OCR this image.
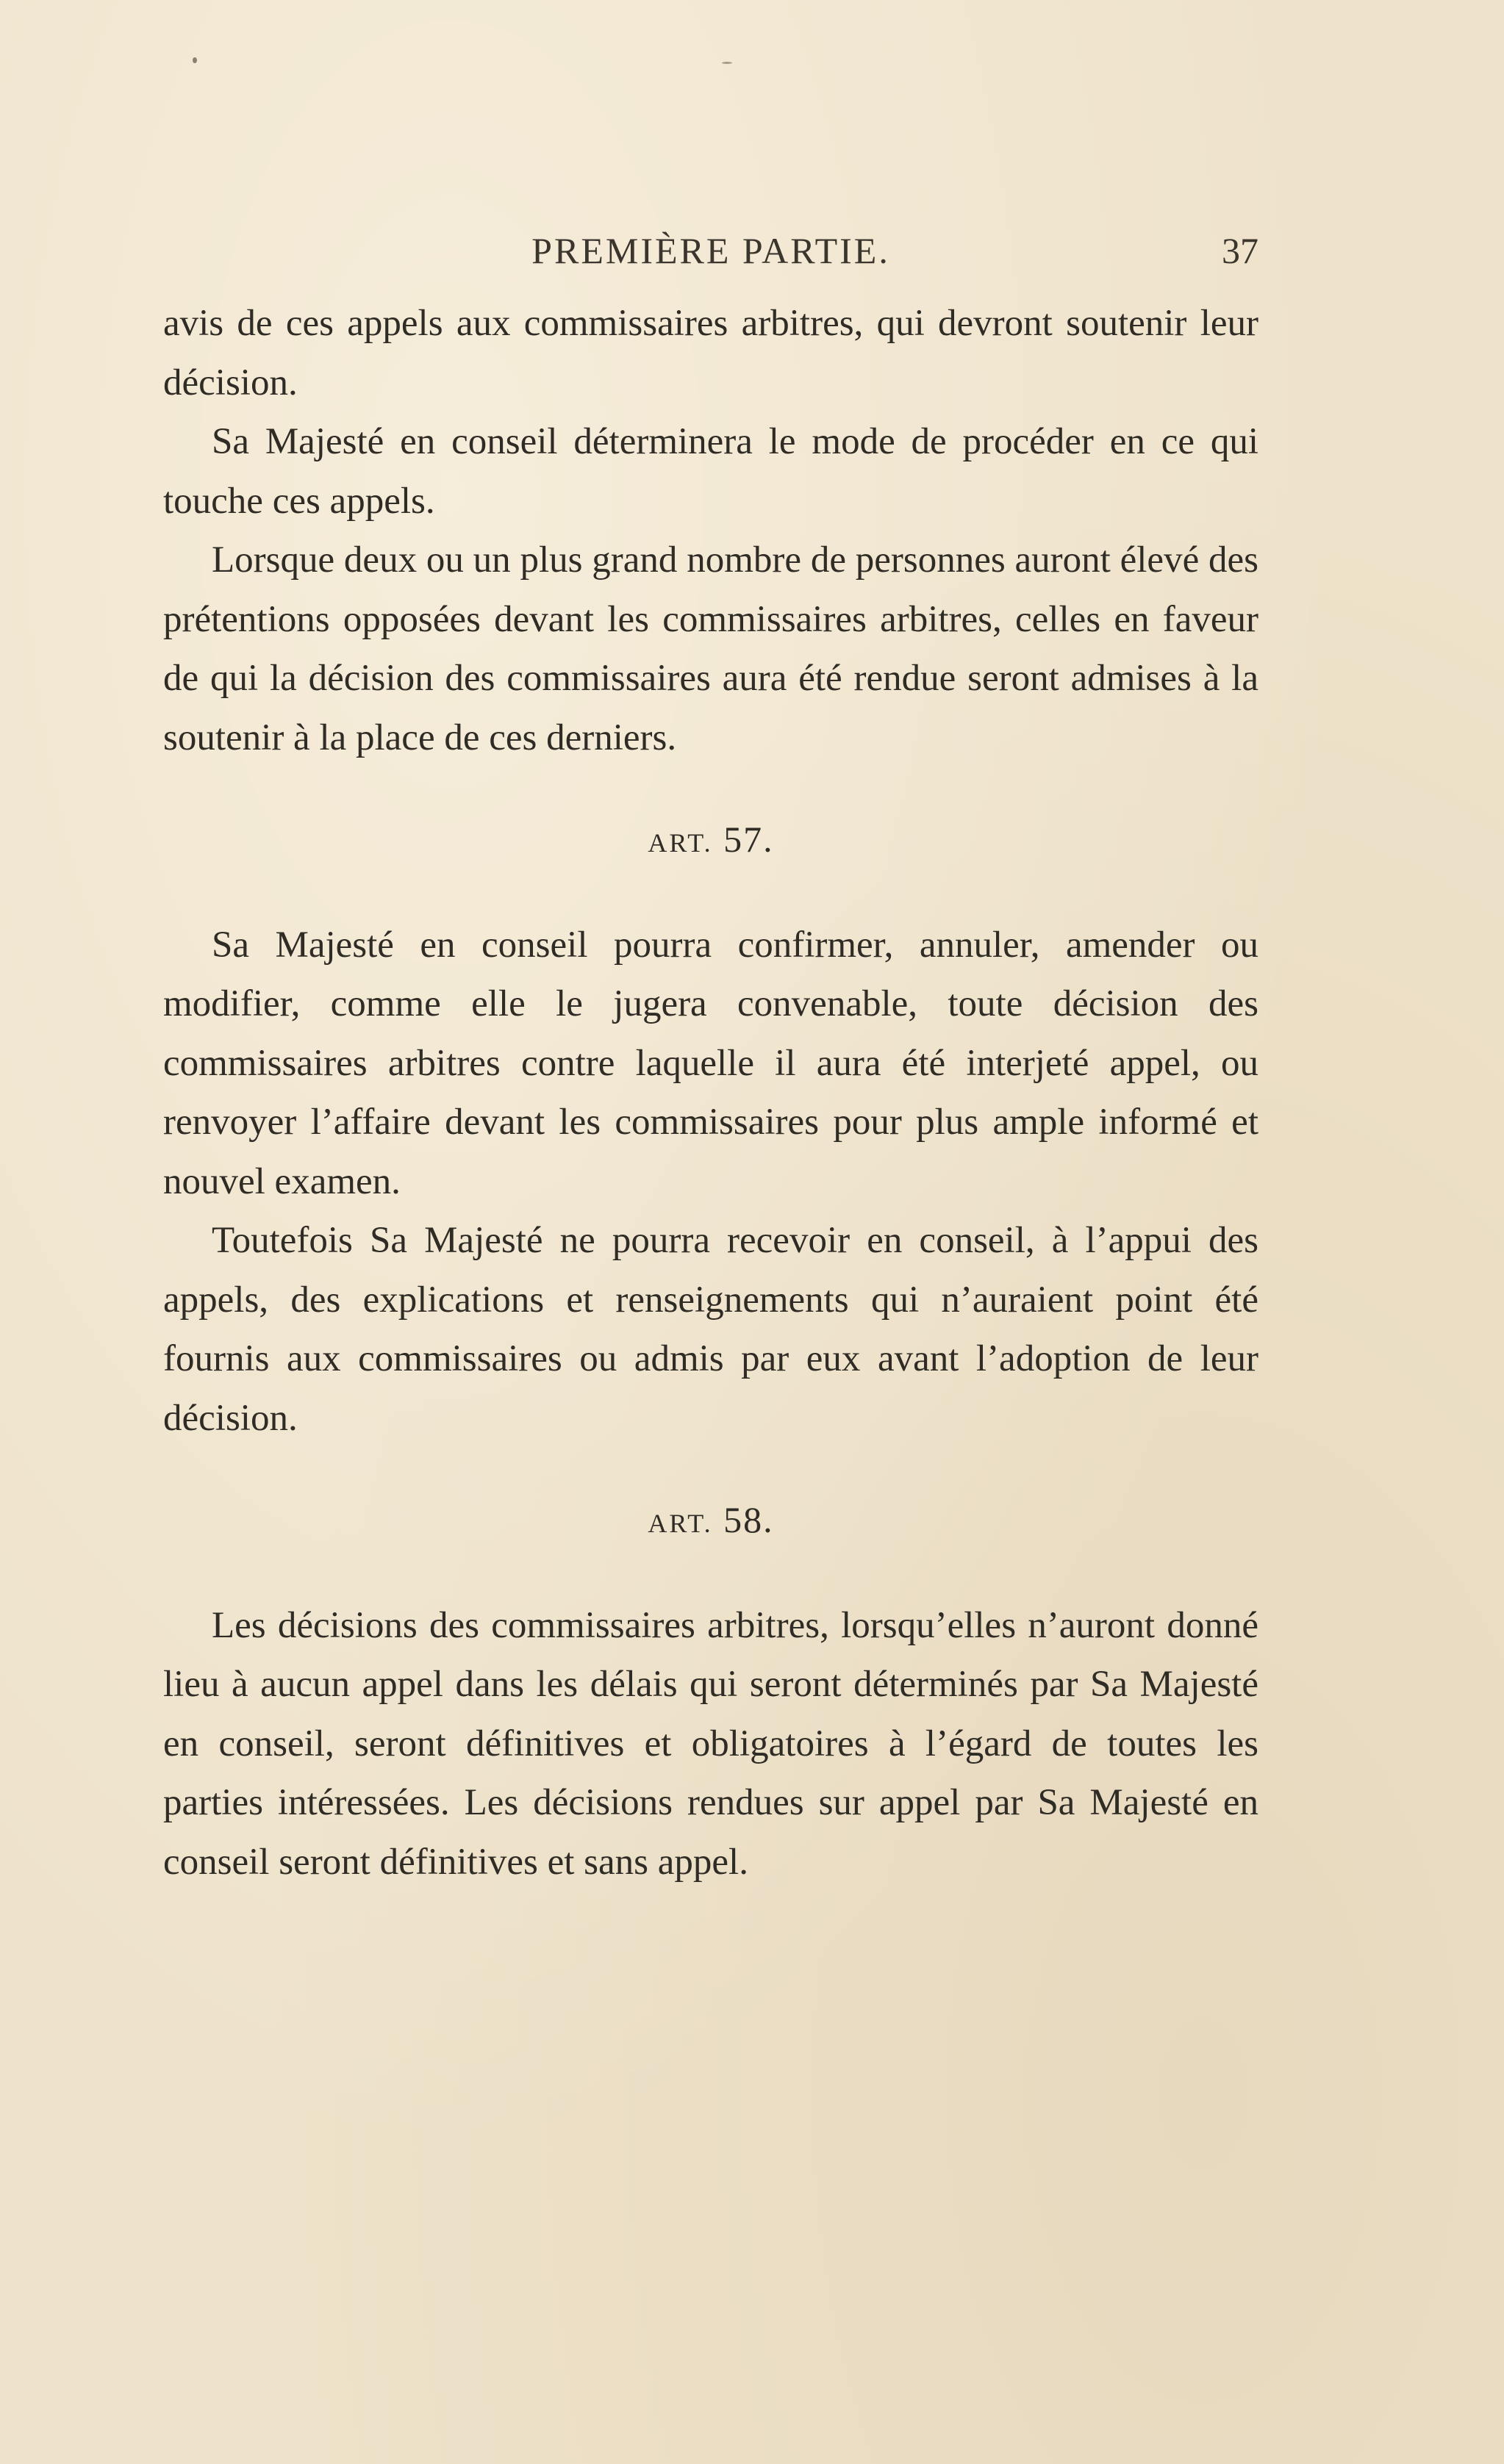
PREMIÈRE PARTIE.	37

avis de ces appels aux commissaires arbitres, qui devront soutenir leur décision.

Sa Majesté en conseil déterminera le mode de procéder en ce qui touche ces appels.

Lorsque deux ou un plus grand nombre de personnes auront élevé des prétentions opposées devant les commissaires arbitres, celles en faveur de qui la décision des commissaires aura été rendue seront admises à la soutenir à la place de ces derniers.

ART. 57.

Sa Majesté en conseil pourra confirmer, annuler, amender ou modifier, comme elle le jugera convenable, toute décision des commissaires arbitres contre laquelle il aura été interjeté appel, ou renvoyer l’affaire devant les commissaires pour plus ample informé et nouvel examen.

Toutefois Sa Majesté ne pourra recevoir en conseil, à l’appui des appels, des explications et renseignements qui n’auraient point été fournis aux commissaires ou admis par eux avant l’adoption de leur décision.

ART. 58.

Les décisions des commissaires arbitres, lorsqu’elles n’auront donné lieu à aucun appel dans les délais qui seront déterminés par Sa Majesté en conseil, seront définitives et obligatoires à l’égard de toutes les parties intéressées. Les décisions rendues sur appel par Sa Majesté en conseil seront définitives et sans appel.
